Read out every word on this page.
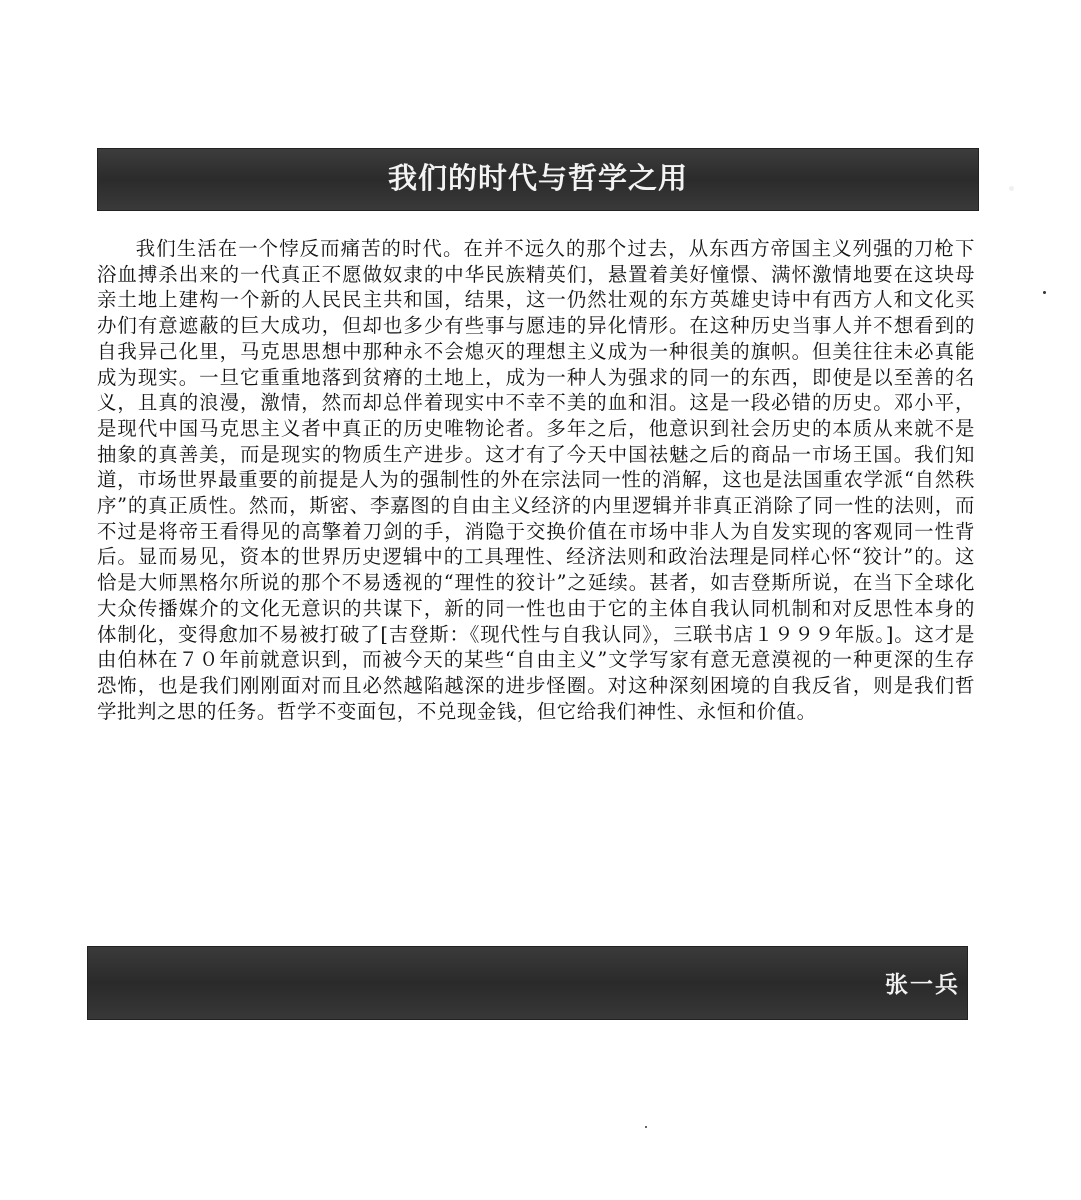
我们的时代与哲学之用

我们生活在一个悖反而痛苦的时代。在并不远久的那个过去，从东西方帝国主义列强的刀枪下浴血搏杀出来的一代真正不愿做奴隶的中华民族精英们，悬置着美好憧憬、满怀激情地要在这块母亲土地上建构一个新的人民民主共和国，结果，这一仍然壮观的东方英雄史诗中有西方人和文化买办们有意遮蔽的巨大成功，但却也多少有些事与愿违的异化情形。在这种历史当事人并不想看到的自我异己化里，马克思思想中那种永不会熄灭的理想主义成为一种很美的旗帜。但美往往未必真能成为现实。一旦它重重地落到贫瘠的土地上，成为一种人为强求的同一的东西，即使是以至善的名义，且真的浪漫，激情，然而却总伴着现实中不幸不美的血和泪。这是一段必错的历史。邓小平，是现代中国马克思主义者中真正的历史唯物论者。多年之后，他意识到社会历史的本质从来就不是抽象的真善美，而是现实的物质生产进步。这才有了今天中国祛魅之后的商品一市场王国。我们知道，市场世界最重要的前提是人为的强制性的外在宗法同一性的消解，这也是法国重农学派“自然秩序”的真正质性。然而，斯密、李嘉图的自由主义经济的内里逻辑并非真正消除了同一性的法则，而不过是将帝王看得见的高擎着刀剑的手，消隐于交换价值在市场中非人为自发实现的客观同一性背后。显而易见，资本的世界历史逻辑中的工具理性、经济法则和政治法理是同样心怀“狡计”的。这恰是大师黑格尔所说的那个不易透视的“理性的狡计”之延续。甚者，如吉登斯所说，在当下全球化大众传播媒介的文化无意识的共谋下，新的同一性也由于它的主体自我认同机制和对反思性本身的体制化，变得愈加不易被打破了[吉登斯：《现代性与自我认同》，三联书店１９９９年版。]。这才是由伯林在７０年前就意识到，而被今天的某些“自由主义”文学写家有意无意漠视的一种更深的生存恐怖，也是我们刚刚面对而且必然越陷越深的进步怪圈。对这种深刻困境的自我反省，则是我们哲学批判之思的任务。哲学不变面包，不兑现金钱，但它给我们神性、永恒和价值。

张一兵
